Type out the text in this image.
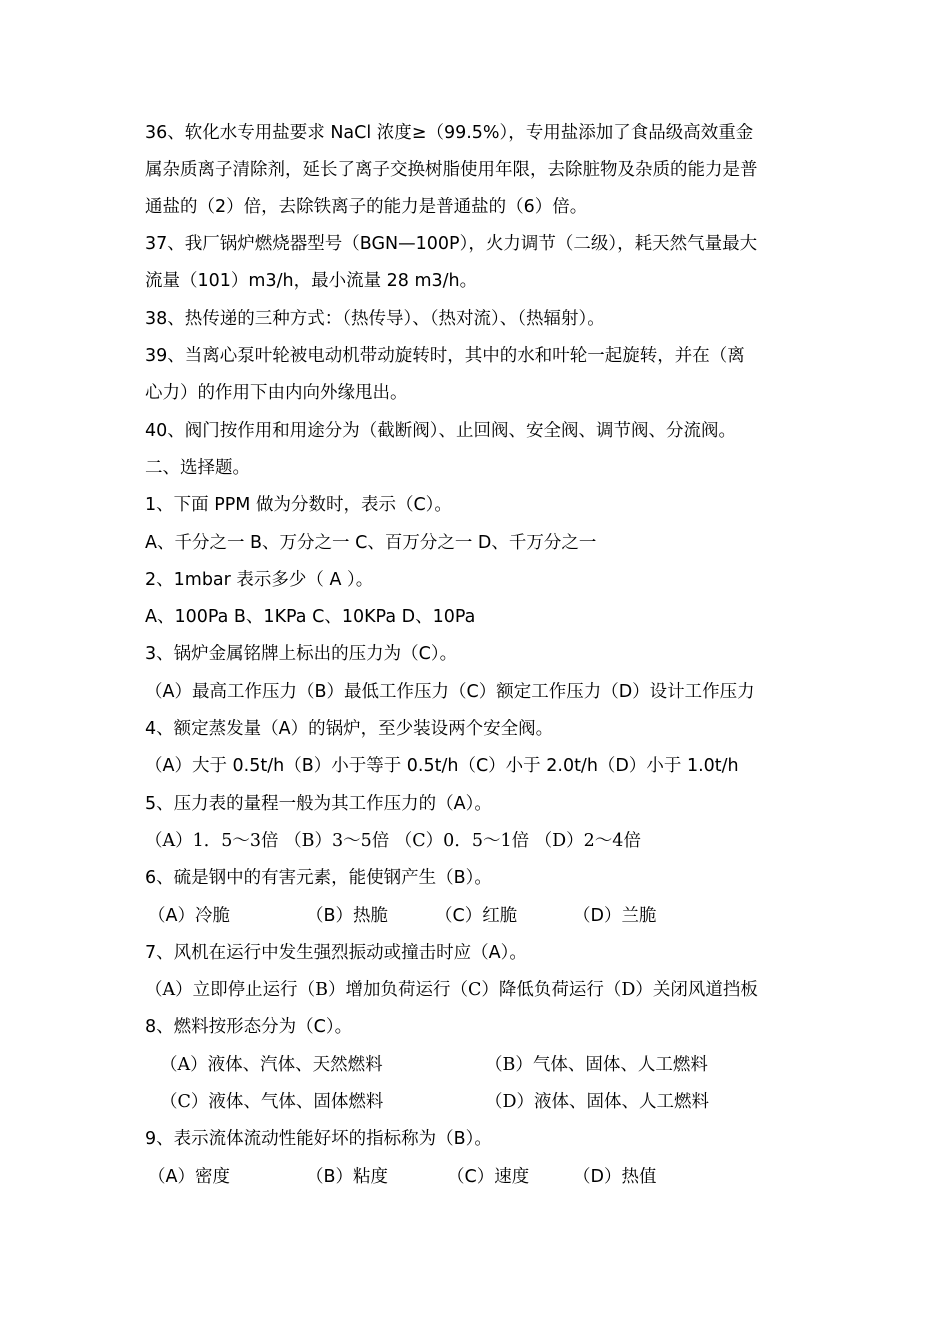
36、软化水专用盐要求 NaCl 浓度≥（99.5%），专用盐添加了食品级高效重金
属杂质离子清除剂，延长了离子交换树脂使用年限，去除脏物及杂质的能力是普
通盐的（2）倍，去除铁离子的能力是普通盐的（6）倍。
37、我厂锅炉燃烧器型号（BGN—100P），火力调节（二级），耗天然气量最大
流量（101）m3/h，最小流量 28 m3/h。
38、热传递的三种方式：（热传导）、（热对流）、（热辐射）。
39、当离心泵叶轮被电动机带动旋转时，其中的水和叶轮一起旋转，并在（离
心力）的作用下由内向外缘甩出。
40、阀门按作用和用途分为（截断阀）、止回阀、安全阀、调节阀、分流阀。
二、选择题。
1、下面 PPM 做为分数时，表示（C）。
A、千分之一 B、万分之一 C、百万分之一 D、千万分之一
2、1mbar 表示多少（ A ）。
A、100Pa B、1KPa C、10KPa D、10Pa
3、锅炉金属铭牌上标出的压力为（C）。
（A）最高工作压力（B）最低工作压力（C）额定工作压力（D）设计工作压力
4、额定蒸发量（A）的锅炉，至少装设两个安全阀。
（A）大于 0.5t/h（B）小于等于 0.5t/h（C）小于 2.0t/h（D）小于 1.0t/h
5、压力表的量程一般为其工作压力的（A）。
（A）1．5～3倍 （B）3～5倍 （C）0．5～1倍 （D）2～4倍
6、硫是钢中的有害元素，能使钢产生（B）。
（A）冷脆	（B）热脆	（C）红脆	（D）兰脆
7、风机在运行中发生强烈振动或撞击时应（A）。
（A）立即停止运行（B）增加负荷运行（C）降低负荷运行（D）关闭风道挡板
8、燃料按形态分为（C）。
（A）液体、汽体、天然燃料	（B）气体、固体、人工燃料
（C）液体、气体、固体燃料	（D）液体、固体、人工燃料
9、表示流体流动性能好坏的指标称为（B）。
（A）密度	（B）粘度	（C）速度	（D）热值
